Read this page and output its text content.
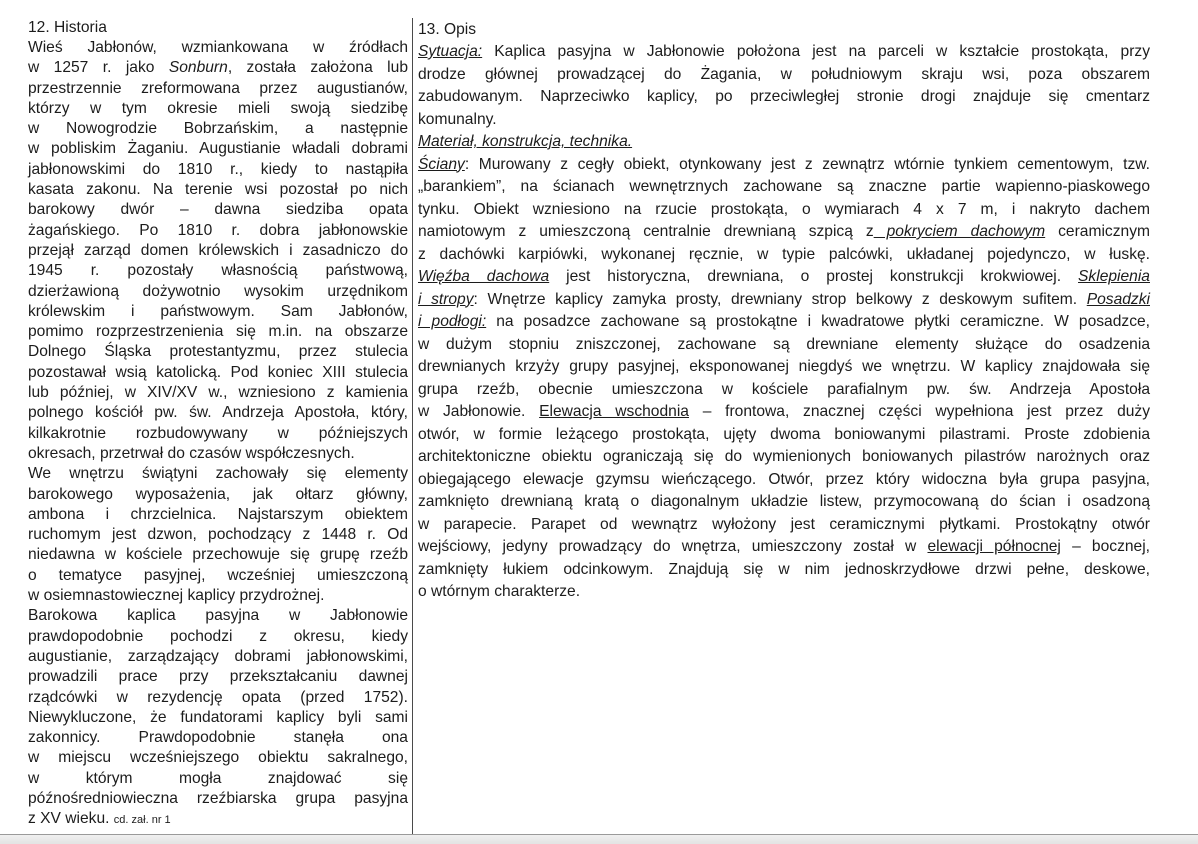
12. Historia
Wieś Jabłonów, wzmiankowana w źródłach
w 1257 r. jako Sonburn, została założona lub
przestrzennie zreformowana przez augustianów,
którzy w tym okresie mieli swoją siedzibę
w Nowogrodzie Bobrzańskim, a następnie
w pobliskim Żaganiu. Augustianie władali dobrami
jabłonowskimi do 1810 r., kiedy to nastąpiła
kasata zakonu. Na terenie wsi pozostał po nich
barokowy dwór – dawna siedziba opata
żagańskiego. Po 1810 r. dobra jabłonowskie
przejął zarząd domen królewskich i zasadniczo do
1945 r. pozostały własnością państwową,
dzierżawioną dożywotnio wysokim urzędnikom
królewskim i państwowym. Sam Jabłonów,
pomimo rozprzestrzenienia się m.in. na obszarze
Dolnego Śląska protestantyzmu, przez stulecia
pozostawał wsią katolicką. Pod koniec XIII stulecia
lub później, w XIV/XV w., wzniesiono z kamienia
polnego kościół pw. św. Andrzeja Apostoła, który,
kilkakrotnie rozbudowywany w późniejszych
okresach, przetrwał do czasów współczesnych.
We wnętrzu świątyni zachowały się elementy
barokowego wyposażenia, jak ołtarz główny,
ambona i chrzcielnica. Najstarszym obiektem
ruchomym jest dzwon, pochodzący z 1448 r. Od
niedawna w kościele przechowuje się grupę rzeźb
o tematyce pasyjnej, wcześniej umieszczoną
w osiemnastowiecznej kaplicy przydrożnej.
Barokowa kaplica pasyjna w Jabłonowie
prawdopodobnie pochodzi z okresu, kiedy
augustianie, zarządzający dobrami jabłonowskimi,
prowadzili prace przy przekształcaniu dawnej
rządcówki w rezydencję opata (przed 1752).
Niewykluczone, że fundatorami kaplicy byli sami
zakonnicy. Prawdopodobnie stanęła ona
w miejscu wcześniejszego obiektu sakralnego,
w którym mogła znajdować się
późnośredniowieczna rzeźbiarska grupa pasyjna
z XV wieku. cd. zał. nr 1
13. Opis
Sytuacja: Kaplica pasyjna w Jabłonowie położona jest na parceli w kształcie prostokąta, przy
drodze głównej prowadzącej do Żagania, w południowym skraju wsi, poza obszarem
zabudowanym. Naprzeciwko kaplicy, po przeciwległej stronie drogi znajduje się cmentarz
komunalny.
Materiał, konstrukcja, technika.
Ściany: Murowany z cegły obiekt, otynkowany jest z zewnątrz wtórnie tynkiem cementowym, tzw.
„barankiem”, na ścianach wewnętrznych zachowane są znaczne partie wapienno-piaskowego
tynku. Obiekt wzniesiono na rzucie prostokąta, o wymiarach 4 x 7 m, i nakryto dachem
namiotowym z umieszczoną centralnie drewnianą szpicą z pokryciem dachowym ceramicznym
z dachówki karpiówki, wykonanej ręcznie, w typie palcówki, układanej pojedynczo, w łuskę.
Więźba dachowa jest historyczna, drewniana, o prostej konstrukcji krokwiowej. Sklepienia
i stropy: Wnętrze kaplicy zamyka prosty, drewniany strop belkowy z deskowym sufitem. Posadzki
i podłogi: na posadzce zachowane są prostokątne i kwadratowe płytki ceramiczne. W posadzce,
w dużym stopniu zniszczonej, zachowane są drewniane elementy służące do osadzenia
drewnianych krzyży grupy pasyjnej, eksponowanej niegdyś we wnętrzu. W kaplicy znajdowała się
grupa rzeźb, obecnie umieszczona w kościele parafialnym pw. św. Andrzeja Apostoła
w Jabłonowie. Elewacja wschodnia – frontowa, znacznej części wypełniona jest przez duży
otwór, w formie leżącego prostokąta, ujęty dwoma boniowanymi pilastrami. Proste zdobienia
architektoniczne obiektu ograniczają się do wymienionych boniowanych pilastrów narożnych oraz
obiegającego elewacje gzymsu wieńczącego. Otwór, przez który widoczna była grupa pasyjna,
zamknięto drewnianą kratą o diagonalnym układzie listew, przymocowaną do ścian i osadzoną
w parapecie. Parapet od wewnątrz wyłożony jest ceramicznymi płytkami. Prostokątny otwór
wejściowy, jedyny prowadzący do wnętrza, umieszczony został w elewacji północnej – bocznej,
zamknięty łukiem odcinkowym. Znajdują się w nim jednoskrzydłowe drzwi pełne, deskowe,
o wtórnym charakterze.
